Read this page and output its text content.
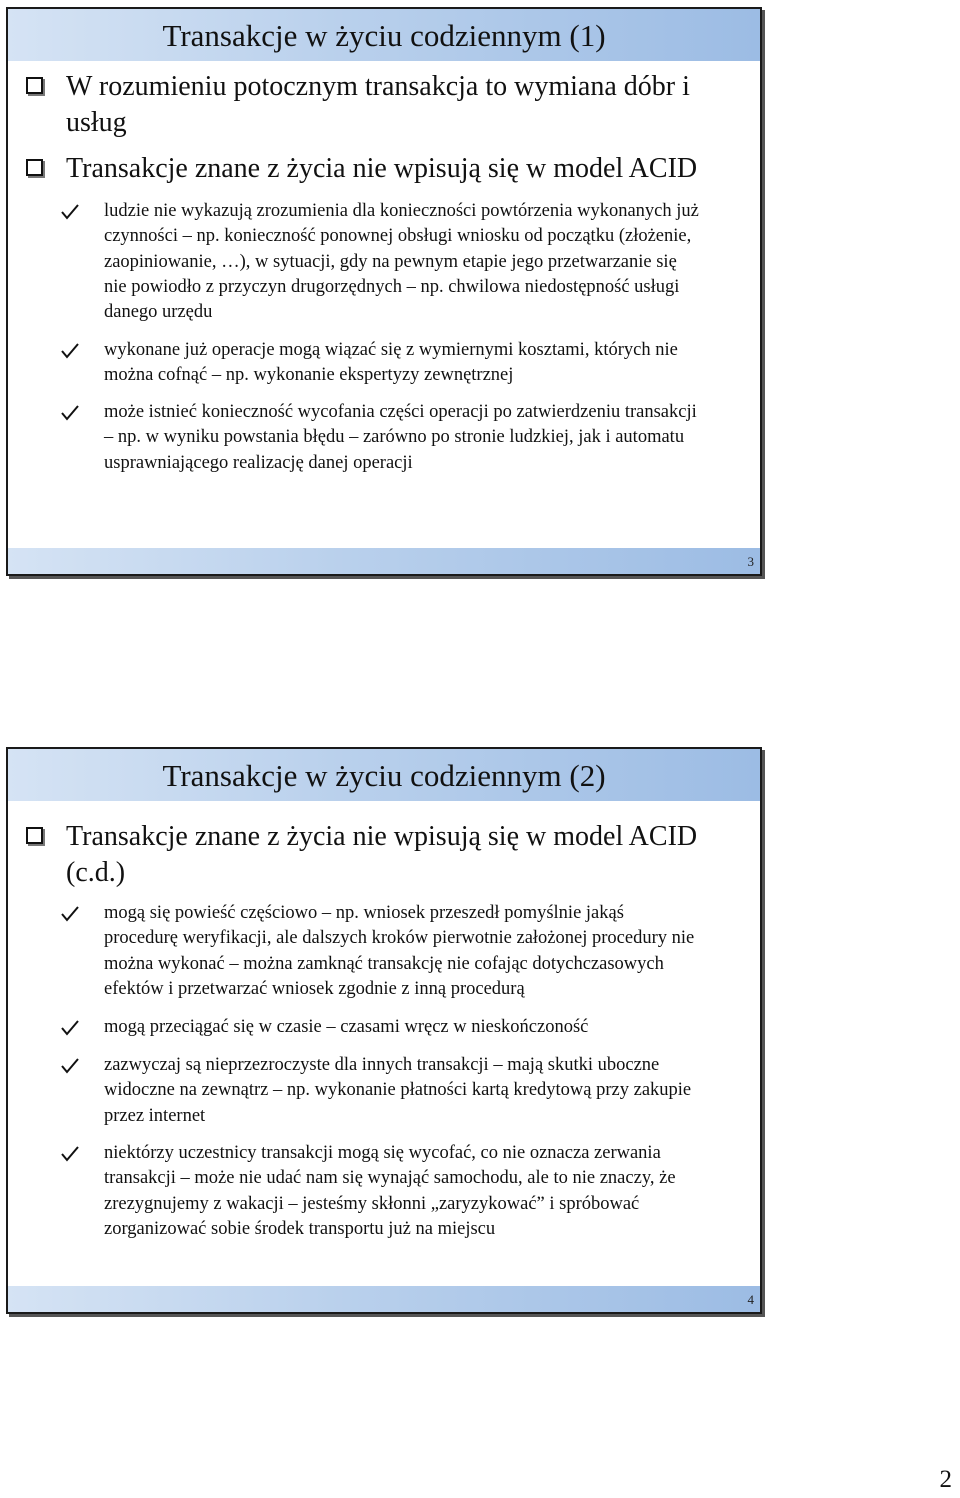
Transakcje w życiu codziennym (1)
W rozumieniu potocznym transakcja to wymiana dóbr i usług
Transakcje znane z życia nie wpisują się w model ACID
ludzie nie wykazują zrozumienia dla konieczności powtórzenia wykonanych już czynności – np. konieczność ponownej obsługi wniosku od początku (złożenie, zaopiniowanie, …), w sytuacji, gdy na pewnym etapie jego przetwarzanie się nie powiodło z przyczyn drugorzędnych – np. chwilowa niedostępność usługi danego urzędu
wykonane już operacje mogą wiązać się z wymiernymi kosztami, których nie można cofnąć – np. wykonanie ekspertyzy zewnętrznej
może istnieć konieczność wycofania części operacji po zatwierdzeniu transakcji – np. w wyniku powstania błędu – zarówno po stronie ludzkiej, jak i automatu usprawniającego realizację danej operacji
3
Transakcje w życiu codziennym (2)
Transakcje znane z życia nie wpisują się w model ACID (c.d.)
mogą się powieść częściowo – np. wniosek przeszedł pomyślnie jakąś procedurę weryfikacji, ale dalszych kroków pierwotnie założonej procedury nie można wykonać – można zamknąć transakcję nie cofając dotychczasowych efektów i przetwarzać wniosek zgodnie z inną procedurą
mogą przeciągać się w czasie – czasami wręcz w nieskończoność
zazwyczaj są nieprzezroczyste dla innych transakcji – mają skutki uboczne widoczne na zewnątrz – np. wykonanie płatności kartą kredytową przy zakupie przez internet
niektórzy uczestnicy transakcji mogą się wycofać, co nie oznacza zerwania transakcji – może nie udać nam się wynająć samochodu, ale to nie znaczy, że zrezygnujemy z wakacji – jesteśmy skłonni „zaryzykować” i spróbować zorganizować sobie środek transportu już na miejscu
4
2
